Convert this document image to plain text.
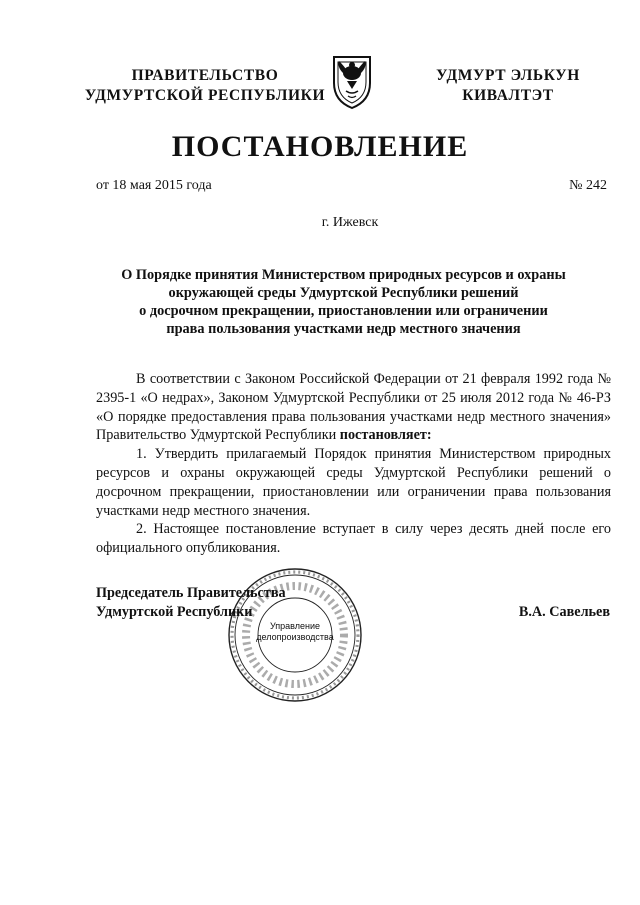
ПРАВИТЕЛЬСТВО
УДМУРТСКОЙ РЕСПУБЛИКИ
УДМУРТ ЭЛЬКУН
КИВАЛТЭТ
ПОСТАНОВЛЕНИЕ
от 18 мая 2015 года	№ 242
г. Ижевск
О Порядке принятия Министерством природных ресурсов и охраны
окружающей среды Удмуртской Республики решений
о досрочном прекращении, приостановлении или ограничении
права пользования участками недр местного значения

В соответствии с Законом Российской Федерации от 21 февраля 1992 года № 2395-1 «О недрах», Законом Удмуртской Республики от 25 июля 2012 года № 46-РЗ «О порядке предоставления права пользования участками недр местного значения» Правительство Удмуртской Республики постановляет:

1. Утвердить прилагаемый Порядок принятия Министерством природных ресурсов и охраны окружающей среды Удмуртской Республики решений о досрочном прекращении, приостановлении или ограничении права пользования участками недр местного значения.

2. Настоящее постановление вступает в силу через десять дней после его официального опубликования.

Управление
делопроизводства
Председатель Правительства
Удмуртской Республики	В.А. Савельев
